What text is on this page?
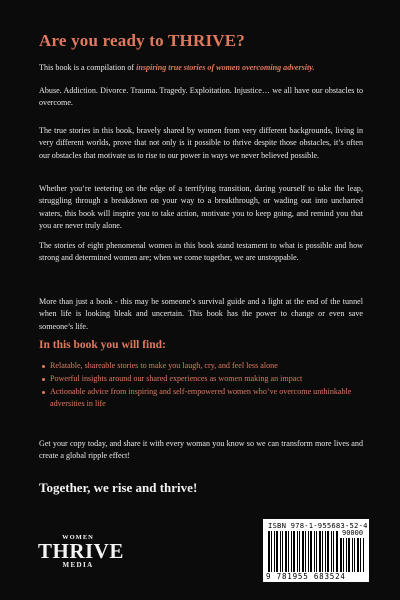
Are you ready to THRIVE?

This book is a compilation of inspiring true stories of women overcoming adversity.

Abuse. Addiction. Divorce. Trauma. Tragedy. Exploitation. Injustice… we all have our obstacles to overcome.

The true stories in this book, bravely shared by women from very different backgrounds, living in very different worlds, prove that not only is it possible to thrive despite those obstacles, it’s often our obstacles that motivate us to rise to our power in ways we never believed possible.

Whether you’re teetering on the edge of a terrifying transition, daring yourself to take the leap, struggling through a breakdown on your way to a breakthrough, or wading out into uncharted waters, this book will inspire you to take action, motivate you to keep going, and remind you that you are never truly alone.

The stories of eight phenomenal women in this book stand testament to what is possible and how strong and determined women are; when we come together, we are unstoppable.

More than just a book - this may be someone’s survival guide and a light at the end of the tunnel when life is looking bleak and uncertain. This book has the power to change or even save someone’s life.

In this book you will find:
Relatable, shareable stories to make you laugh, cry, and feel less alone
Powerful insights around our shared experiences as women making an impact
Actionable advice from inspiring and self-empowered women who’ve overcome unthinkable adversities in life

Get your copy today, and share it with every woman you know so we can transform more lives and create a global ripple effect!

Together, we rise and thrive!

WOMEN
THRIVE
MEDIA
ISBN 978-1-955683-52-4
90000
9 781955 683524
